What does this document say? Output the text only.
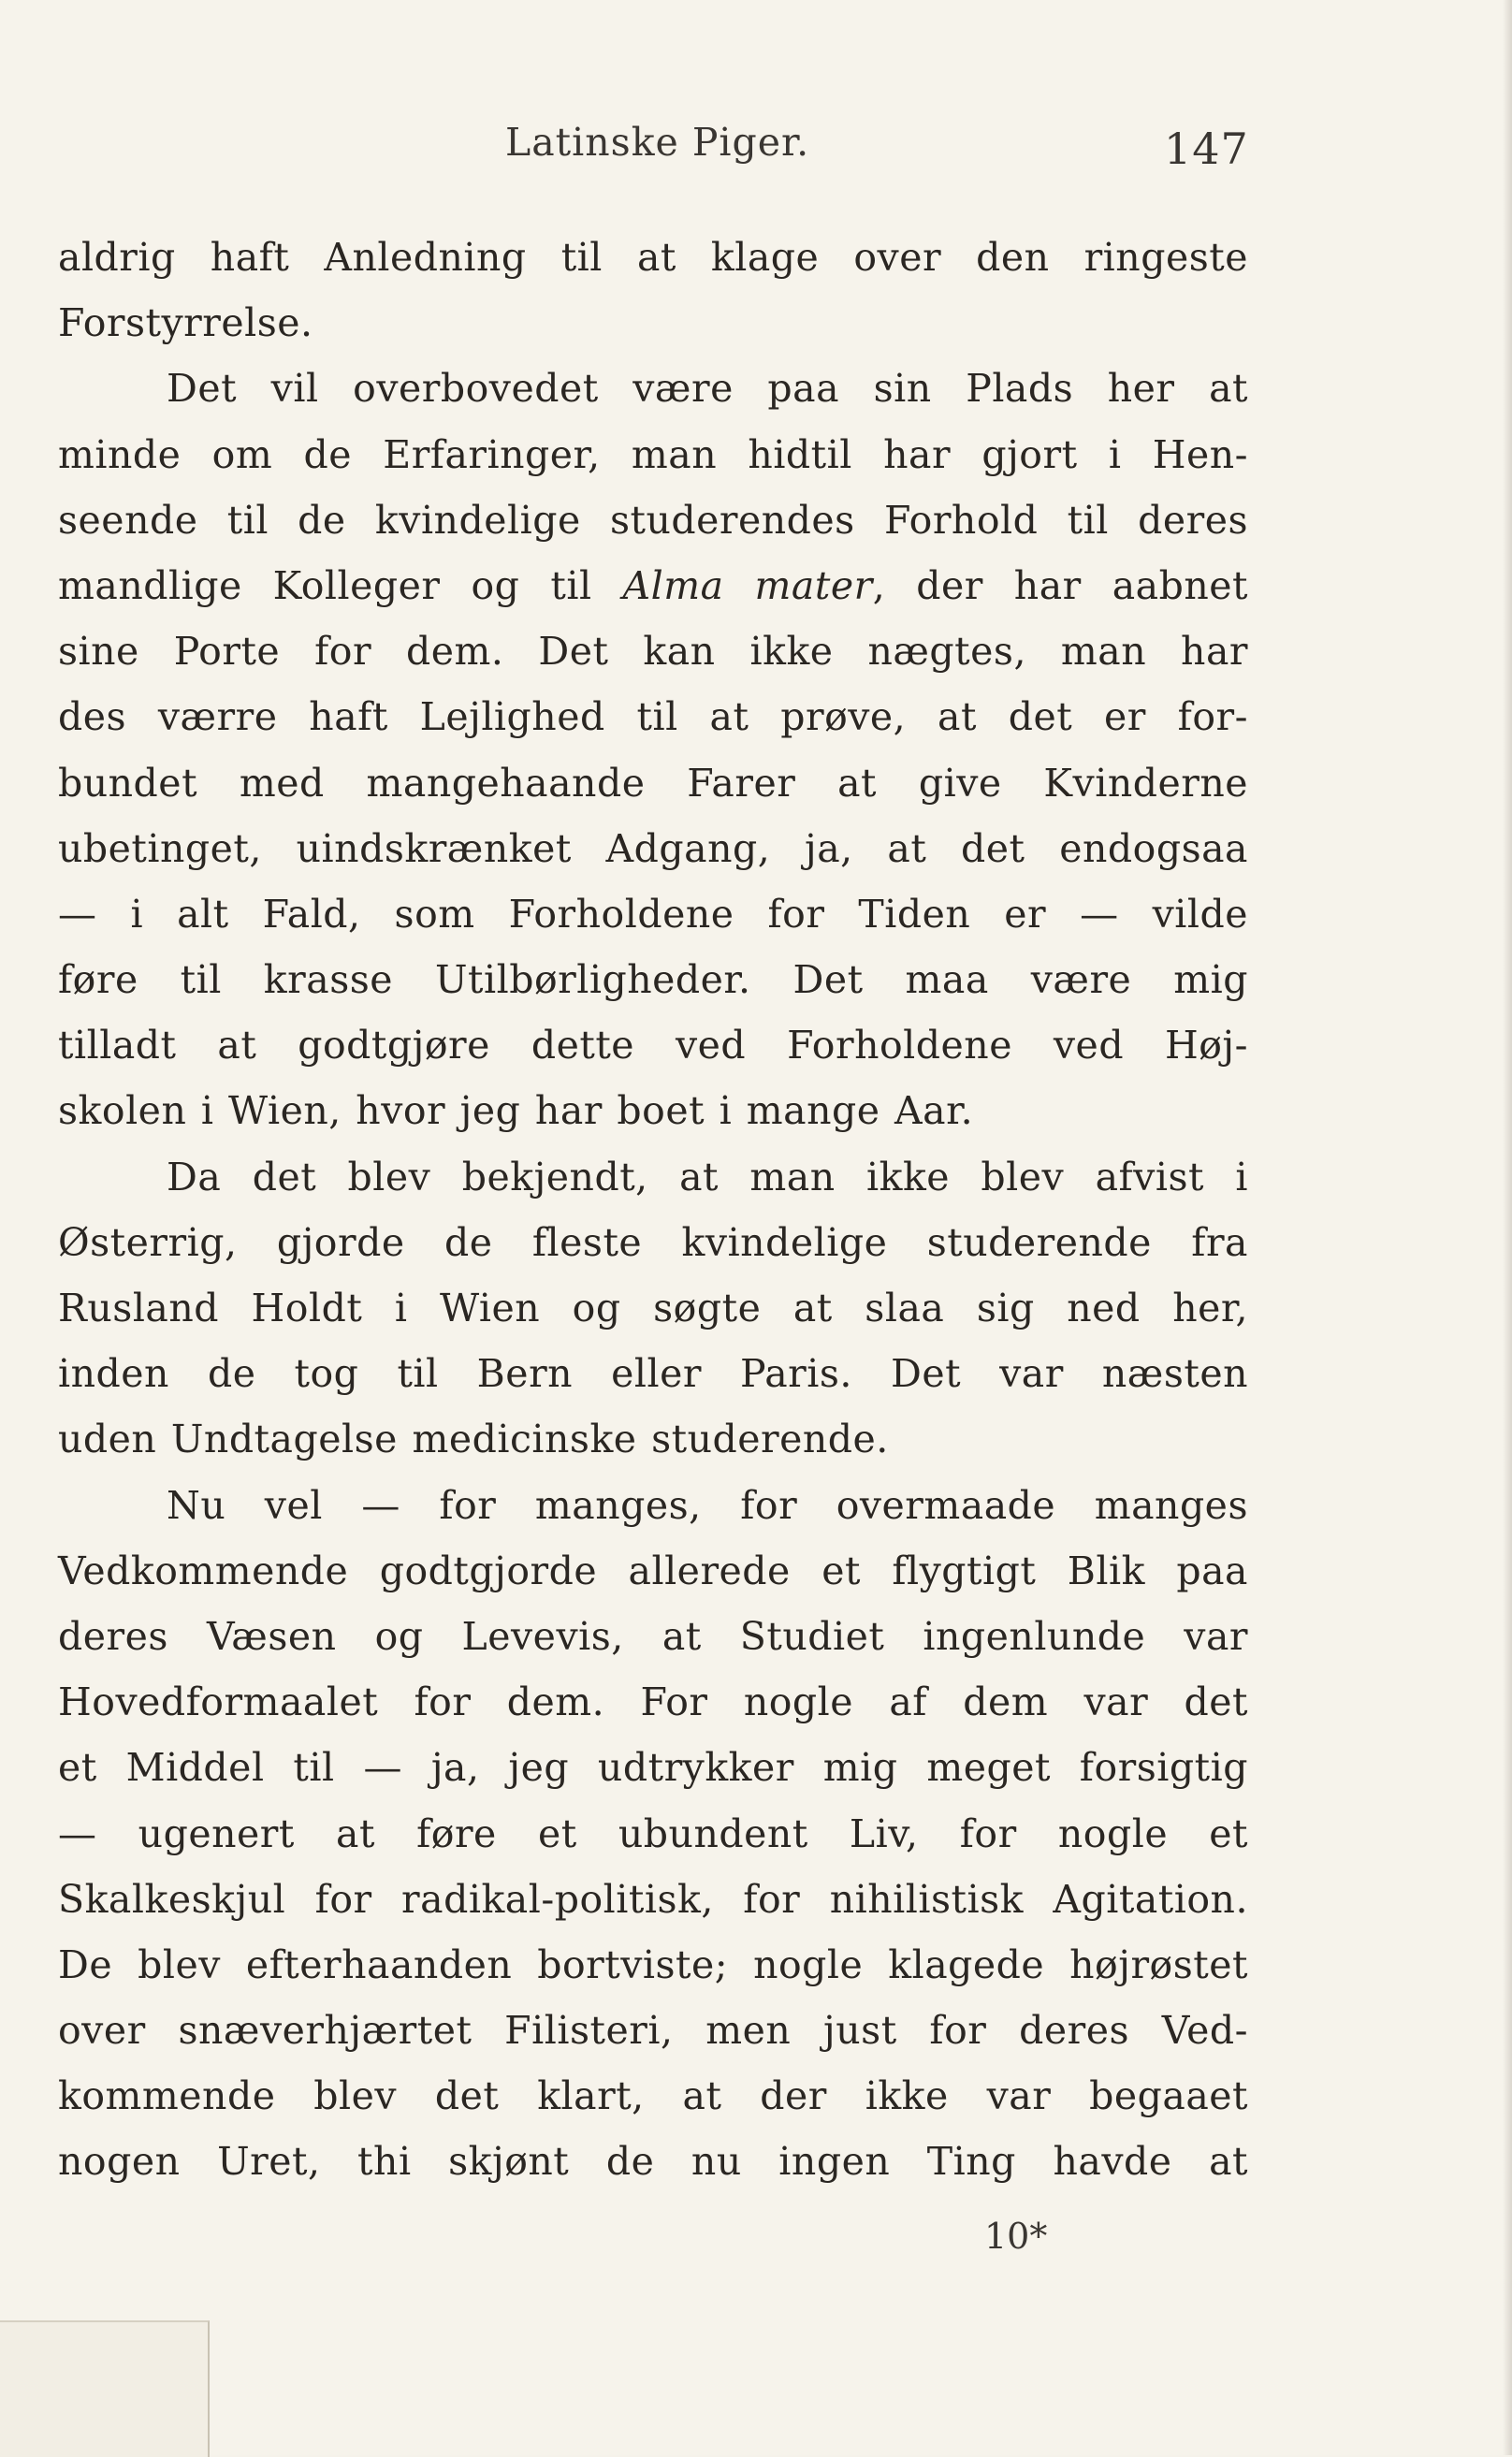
Latinske Piger.	147
aldrig haft Anledning til at klage over den ringeste
Forstyrrelse.
Det vil overbovedet være paa sin Plads her at
minde om de Erfaringer, man hidtil har gjort i Hen-
seende til de kvindelige studerendes Forhold til deres
mandlige Kolleger og til Alma mater, der har aabnet
sine Porte for dem. Det kan ikke nægtes, man har
des værre haft Lejlighed til at prøve, at det er for-
bundet med mangehaande Farer at give Kvinderne
ubetinget, uindskrænket Adgang, ja, at det endogsaa
— i alt Fald, som Forholdene for Tiden er — vilde
føre til krasse Utilbørligheder. Det maa være mig
tilladt at godtgjøre dette ved Forholdene ved Høj-
skolen i Wien, hvor jeg har boet i mange Aar.
Da det blev bekjendt, at man ikke blev afvist i
Østerrig, gjorde de fleste kvindelige studerende fra
Rusland Holdt i Wien og søgte at slaa sig ned her,
inden de tog til Bern eller Paris. Det var næsten
uden Undtagelse medicinske studerende.
Nu vel — for manges, for overmaade manges
Vedkommende godtgjorde allerede et flygtigt Blik paa
deres Væsen og Levevis, at Studiet ingenlunde var
Hovedformaalet for dem. For nogle af dem var det
et Middel til — ja, jeg udtrykker mig meget forsigtig
— ugenert at føre et ubundent Liv, for nogle et
Skalkeskjul for radikal-politisk, for nihilistisk Agitation.
De blev efterhaanden bortviste; nogle klagede højrøstet
over snæverhjærtet Filisteri, men just for deres Ved-
kommende blev det klart, at der ikke var begaaet
nogen Uret, thi skjønt de nu ingen Ting havde at
10*
